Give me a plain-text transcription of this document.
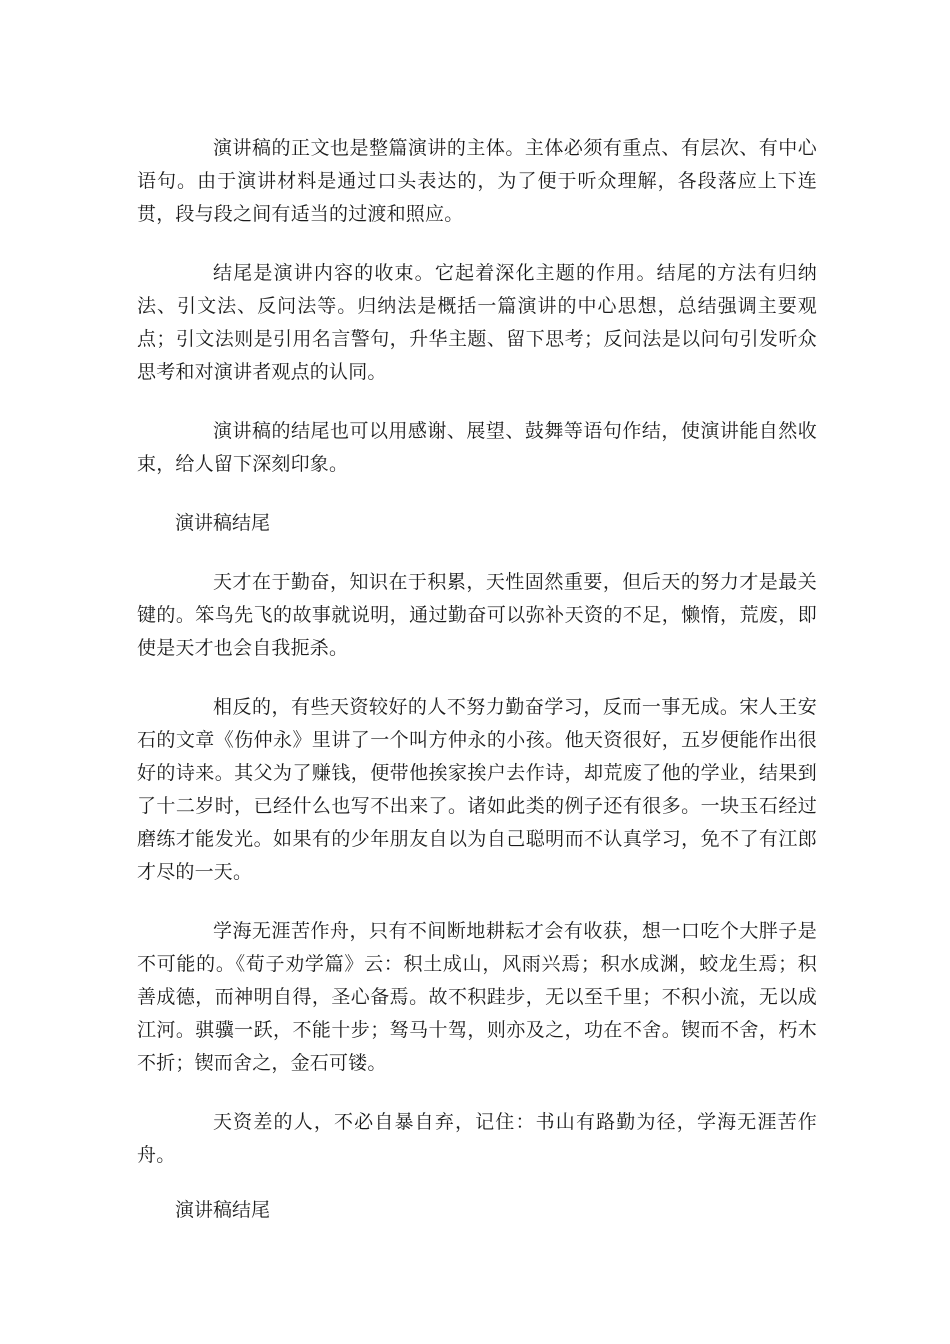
演讲稿的正文也是整篇演讲的主体。主体必须有重点、有层次、有中心语句。由于演讲材料是通过口头表达的，为了便于听众理解，各段落应上下连贯，段与段之间有适当的过渡和照应。

结尾是演讲内容的收束。它起着深化主题的作用。结尾的方法有归纳法、引文法、反问法等。归纳法是概括一篇演讲的中心思想，总结强调主要观点；引文法则是引用名言警句，升华主题、留下思考；反问法是以问句引发听众思考和对演讲者观点的认同。

演讲稿的结尾也可以用感谢、展望、鼓舞等语句作结，使演讲能自然收束，给人留下深刻印象。

演讲稿结尾

天才在于勤奋，知识在于积累，天性固然重要，但后天的努力才是最关键的。笨鸟先飞的故事就说明，通过勤奋可以弥补天资的不足，懒惰，荒废，即使是天才也会自我扼杀。

相反的，有些天资较好的人不努力勤奋学习，反而一事无成。宋人王安石的文章《伤仲永》里讲了一个叫方仲永的小孩。他天资很好，五岁便能作出很好的诗来。其父为了赚钱，便带他挨家挨户去作诗，却荒废了他的学业，结果到了十二岁时，已经什么也写不出来了。诸如此类的例子还有很多。一块玉石经过磨练才能发光。如果有的少年朋友自以为自己聪明而不认真学习，免不了有江郎才尽的一天。

学海无涯苦作舟，只有不间断地耕耘才会有收获，想一口吃个大胖子是不可能的。《荀子劝学篇》云：积土成山，风雨兴焉；积水成渊，蛟龙生焉；积善成德，而神明自得，圣心备焉。故不积跬步，无以至千里；不积小流，无以成江河。骐骥一跃，不能十步；驽马十驾，则亦及之，功在不舍。锲而不舍，朽木不折；锲而舍之，金石可镂。

天资差的人，不必自暴自弃，记住：书山有路勤为径，学海无涯苦作舟。

演讲稿结尾
